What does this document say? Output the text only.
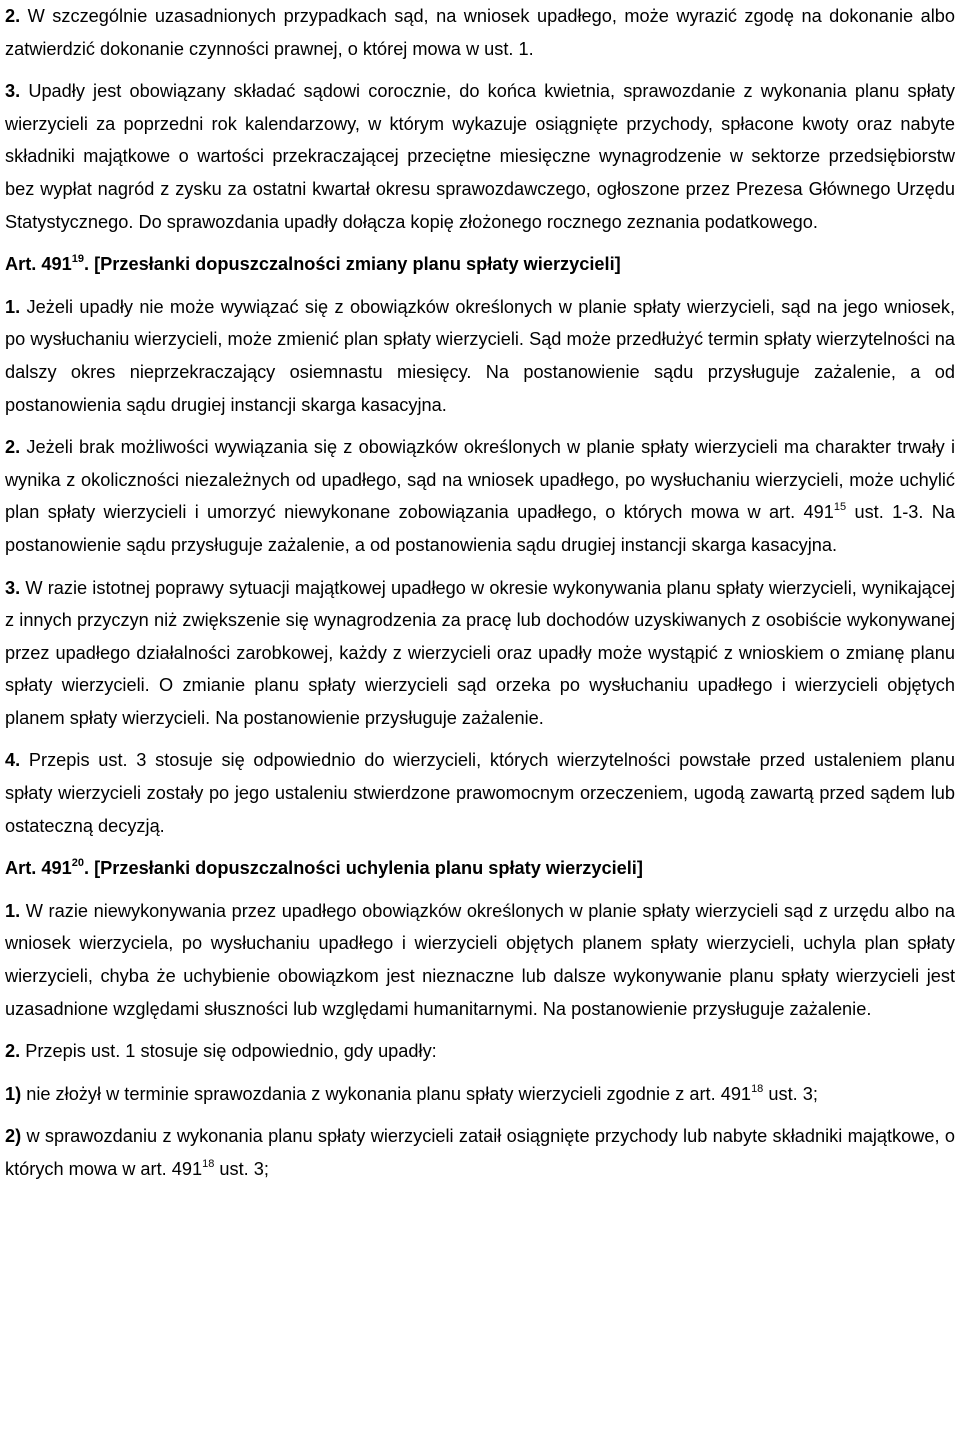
2. W szczególnie uzasadnionych przypadkach sąd, na wniosek upadłego, może wyrazić zgodę na dokonanie albo zatwierdzić dokonanie czynności prawnej, o której mowa w ust. 1.

3. Upadły jest obowiązany składać sądowi corocznie, do końca kwietnia, sprawozdanie z wykonania planu spłaty wierzycieli za poprzedni rok kalendarzowy, w którym wykazuje osiągnięte przychody, spłacone kwoty oraz nabyte składniki majątkowe o wartości przekraczającej przeciętne miesięczne wynagrodzenie w sektorze przedsiębiorstw bez wypłat nagród z zysku za ostatni kwartał okresu sprawozdawczego, ogłoszone przez Prezesa Głównego Urzędu Statystycznego. Do sprawozdania upadły dołącza kopię złożonego rocznego zeznania podatkowego.

Art. $491^{19}$. [Przesłanki dopuszczalności zmiany planu spłaty wierzycieli]

1. Jeżeli upadły nie może wywiązać się z obowiązków określonych w planie spłaty wierzycieli, sąd na jego wniosek, po wysłuchaniu wierzycieli, może zmienić plan spłaty wierzycieli. Sąd może przedłużyć termin spłaty wierzytelności na dalszy okres nieprzekraczający osiemnastu miesięcy. Na postanowienie sądu przysługuje zażalenie, a od postanowienia sądu drugiej instancji skarga kasacyjna.

2. Jeżeli brak możliwości wywiązania się z obowiązków określonych w planie spłaty wierzycieli ma charakter trwały i wynika z okoliczności niezależnych od upadłego, sąd na wniosek upadłego, po wysłuchaniu wierzycieli, może uchylić plan spłaty wierzycieli i umorzyć niewykonane zobowiązania upadłego, o których mowa w art. $491^{15}$ ust. 1-3. Na postanowienie sądu przysługuje zażalenie, a od postanowienia sądu drugiej instancji skarga kasacyjna.

3. W razie istotnej poprawy sytuacji majątkowej upadłego w okresie wykonywania planu spłaty wierzycieli, wynikającej z innych przyczyn niż zwiększenie się wynagrodzenia za pracę lub dochodów uzyskiwanych z osobiście wykonywanej przez upadłego działalności zarobkowej, każdy z wierzycieli oraz upadły może wystąpić z wnioskiem o zmianę planu spłaty wierzycieli. O zmianie planu spłaty wierzycieli sąd orzeka po wysłuchaniu upadłego i wierzycieli objętych planem spłaty wierzycieli. Na postanowienie przysługuje zażalenie.

4. Przepis ust. 3 stosuje się odpowiednio do wierzycieli, których wierzytelności powstałe przed ustaleniem planu spłaty wierzycieli zostały po jego ustaleniu stwierdzone prawomocnym orzeczeniem, ugodą zawartą przed sądem lub ostateczną decyzją.

Art. $491^{20}$. [Przesłanki dopuszczalności uchylenia planu spłaty wierzycieli]

1. W razie niewykonywania przez upadłego obowiązków określonych w planie spłaty wierzycieli sąd z urzędu albo na wniosek wierzyciela, po wysłuchaniu upadłego i wierzycieli objętych planem spłaty wierzycieli, uchyla plan spłaty wierzycieli, chyba że uchybienie obowiązkom jest nieznaczne lub dalsze wykonywanie planu spłaty wierzycieli jest uzasadnione względami słuszności lub względami humanitarnymi. Na postanowienie przysługuje zażalenie.

2. Przepis ust. 1 stosuje się odpowiednio, gdy upadły:

1) nie złożył w terminie sprawozdania z wykonania planu spłaty wierzycieli zgodnie z art. $491^{18}$ ust. 3;

2) w sprawozdaniu z wykonania planu spłaty wierzycieli zataił osiągnięte przychody lub nabyte składniki majątkowe, o których mowa w art. $491^{18}$ ust. 3;
